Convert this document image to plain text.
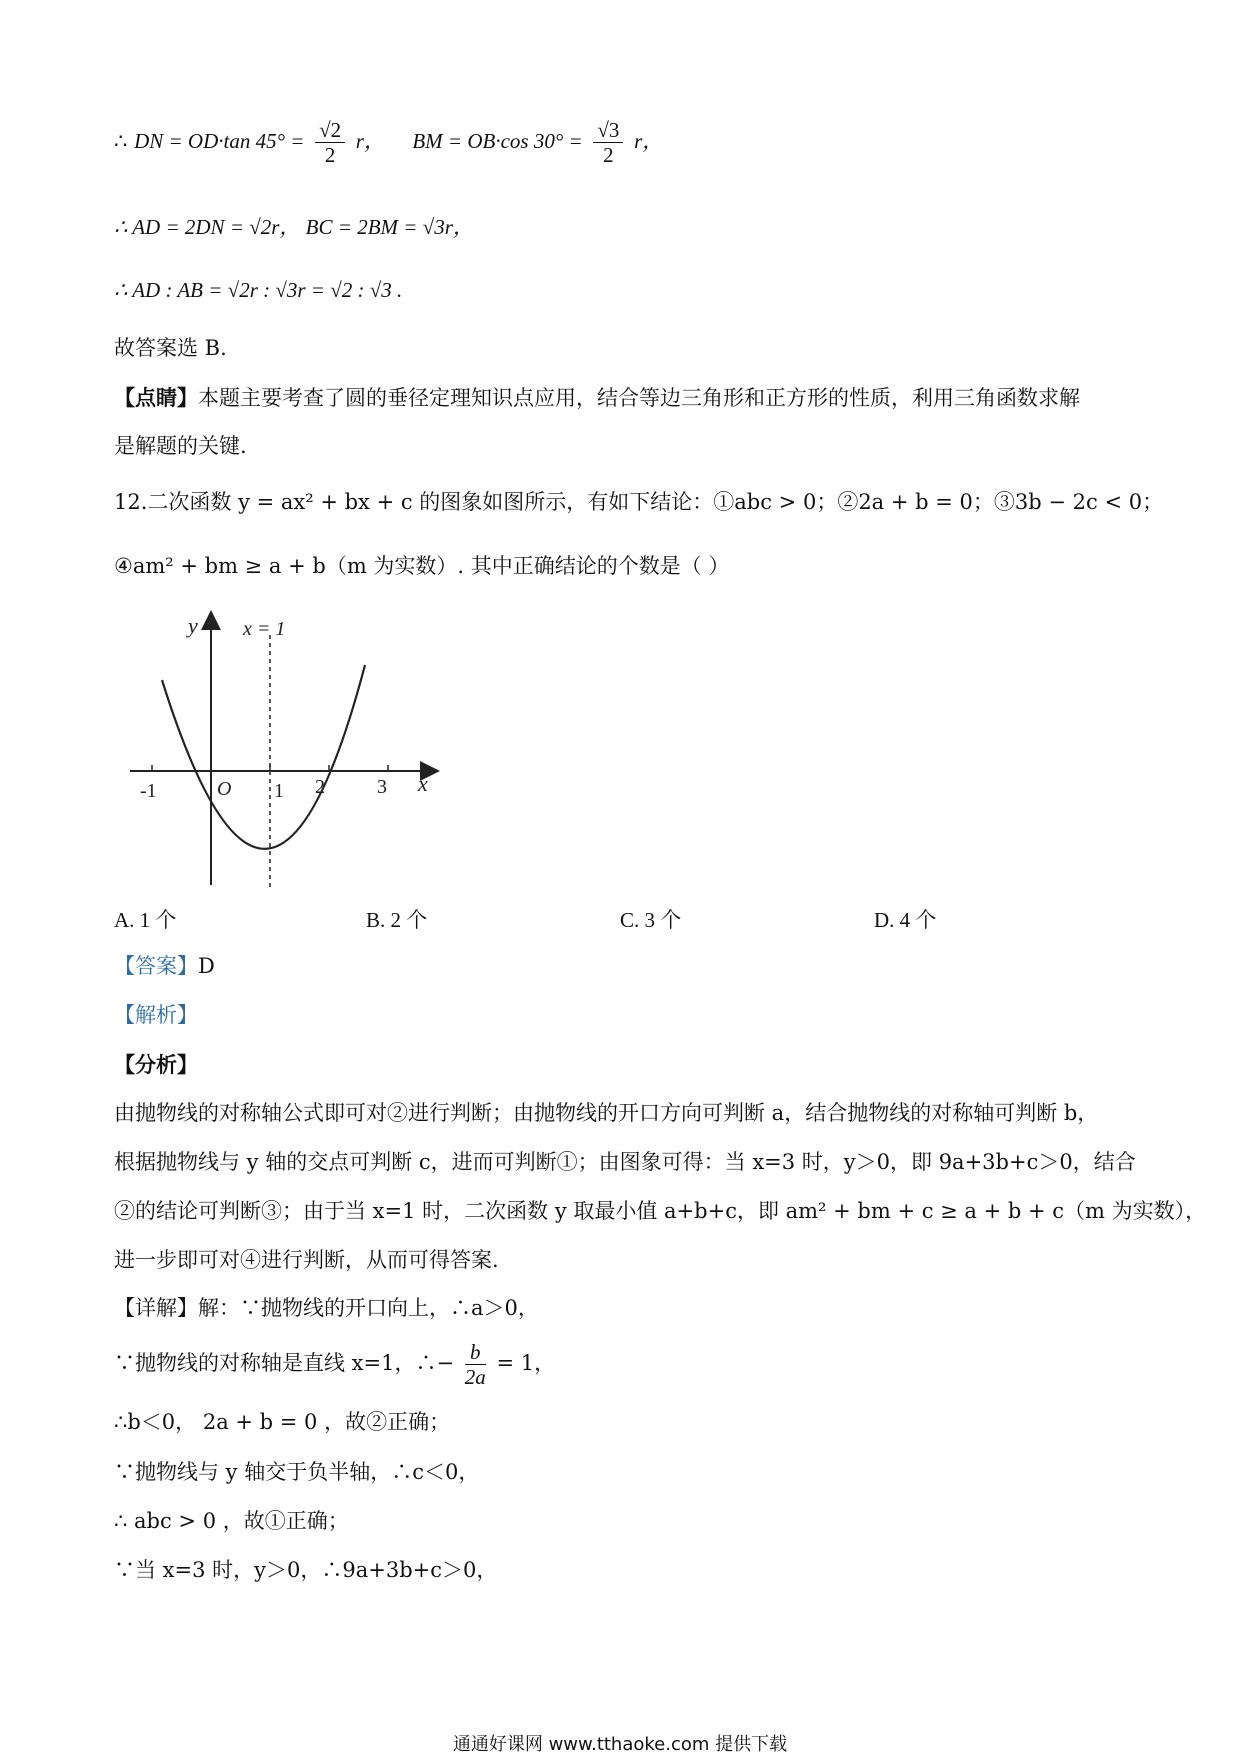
∴ DN = OD·tan $45^\circ = \frac{√2}{2}$ r， BM = OB·cos $30^\circ = \frac{√3}{2}$ r，
∴ AD = 2DN = √2r， BC = 2BM = √3r，
∴ AD : AB = √2r : √3r = √2 : √3 .
故答案选 B.
【点睛】本题主要考查了圆的垂径定理知识点应用，结合等边三角形和正方形的性质，利用三角函数求解
是解题的关键.
12.二次函数 y = ax² + bx + c 的图象如图所示，有如下结论：①abc > 0；②2a + b = 0；③3b − 2c < 0；
④am² + bm ≥ a + b（m 为实数）. 其中正确结论的个数是（ ）
y x = 1
-1	O 1 2	3 x
A. 1 个	B. 2 个	C. 3 个	D. 4 个
【答案】D
【解析】
【分析】
由抛物线的对称轴公式即可对②进行判断；由抛物线的开口方向可判断 a，结合抛物线的对称轴可判断 b，
根据抛物线与 y 轴的交点可判断 c，进而可判断①；由图象可得：当 x=3 时，y＞0，即 9a+3b+c＞0，结合
②的结论可判断③；由于当 x=1 时，二次函数 y 取最小值 a+b+c，即 am² + bm + c ≥ a + b + c（m 为实数），
进一步即可对④进行判断，从而可得答案.
【详解】解：∵抛物线的开口向上，∴a＞0，
∵抛物线的对称轴是直线 x=1，∴− $\frac{b}{2a} = 1$，
∴b＜0， 2a + b = 0 ，故②正确；
∵抛物线与 y 轴交于负半轴，∴c＜0，
∴ abc > 0 ，故①正确；
∵当 x=3 时，y＞0，∴9a+3b+c＞0，
通通好课网 www.tthaoke.com 提供下载
